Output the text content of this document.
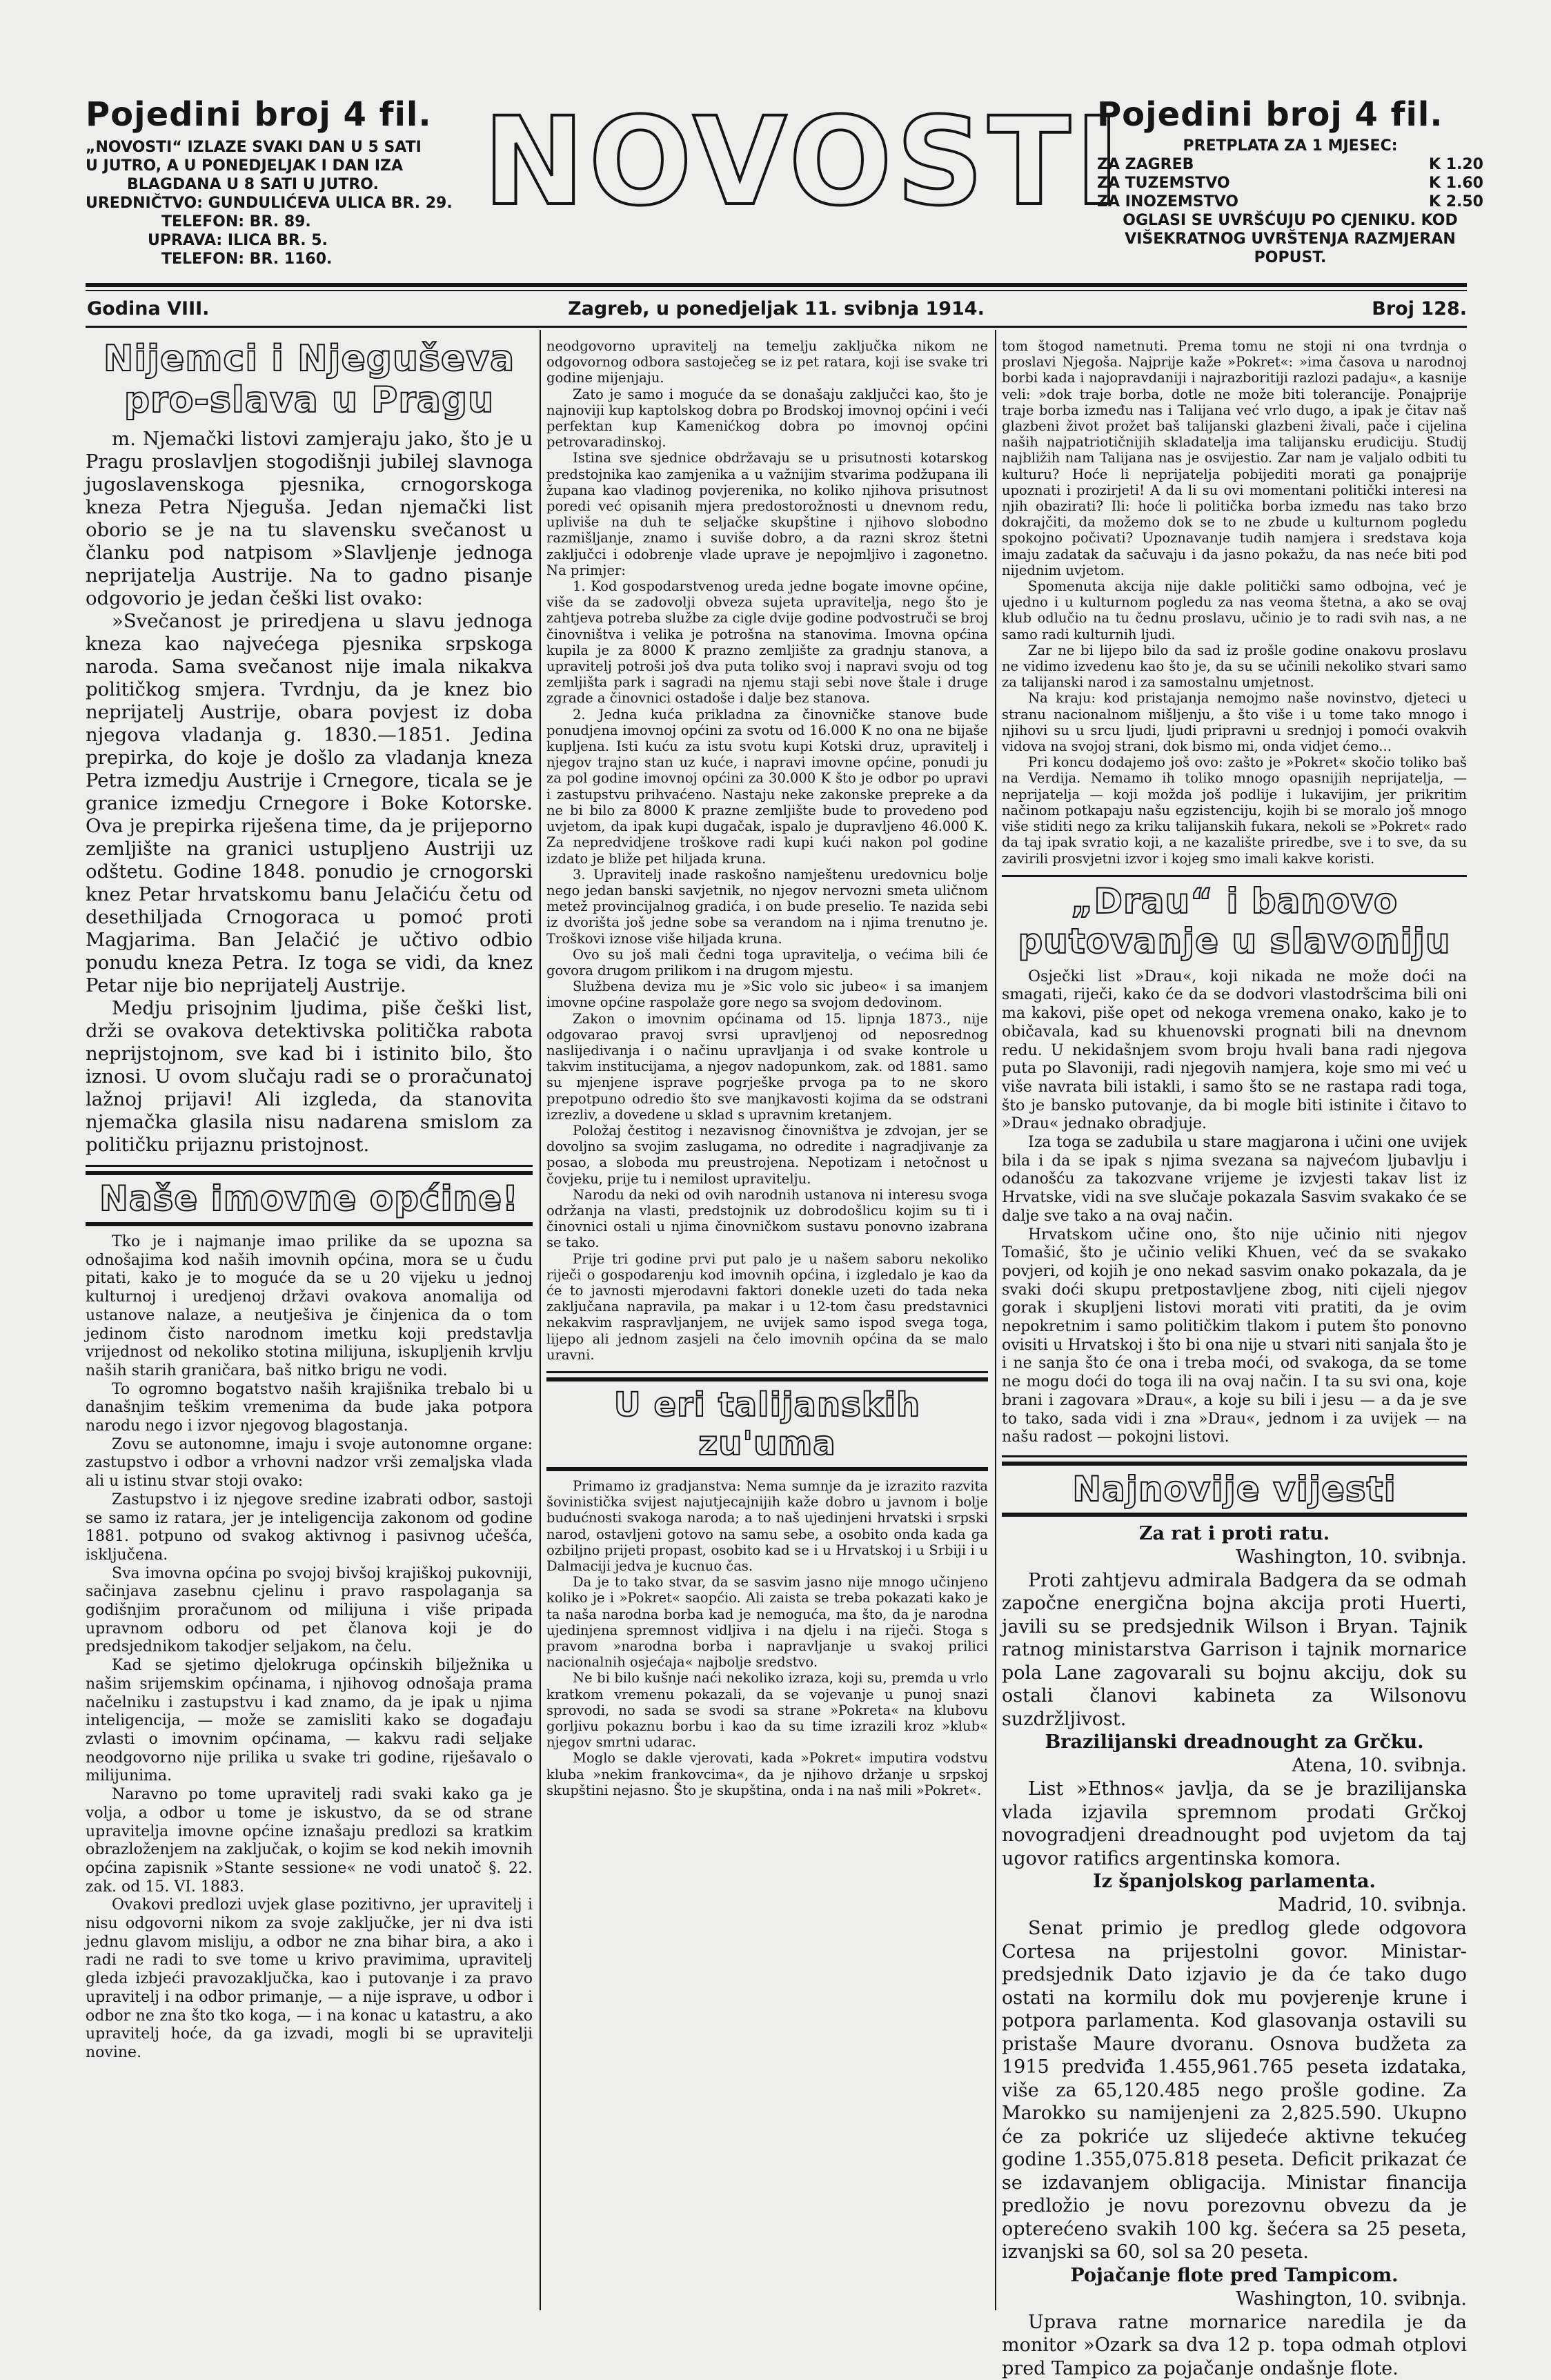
Pojedini broj 4 fil.
„NOVOSTI“ IZLAZE SVAKI DAN U 5 SATI
U JUTRO, A U PONEDJELJAK I DAN IZA
BLAGDANA U 8 SATI U JUTRO.
UREDNIČTVO: GUNDULIĆEVA ULICA BR. 29.
TELEFON: BR. 89.
UPRAVA: ILICA BR. 5.
TELEFON: BR. 1160.
NOVOSTI
Pojedini broj 4 fil.
PRETPLATA ZA 1 MJESEC:
ZA ZAGREB	K 1.20
ZA TUZEMSTVO	K 1.60
ZA INOZEMSTVO	K 2.50
OGLASI SE UVRŠĆUJU PO CJENIKU. KOD VIŠEKRATNOG UVRŠTENJA RAZMJERAN POPUST.
Godina VIII.	Zagreb, u ponedjeljak 11. svibnja 1914.	Broj 128.
Nijemci i Njeguševa pro-slava u Pragu

m. Njemački listovi zamjeraju jako, što je u Pragu proslavljen stogodišnji jubilej slavnoga jugoslavenskoga pjesnika, crnogorskoga kneza Petra Njeguša. Jedan njemački list oborio se je na tu slavensku svečanost u članku pod natpisom »Slavljenje jednoga neprijatelja Austrije. Na to gadno pisanje odgovorio je jedan češki list ovako:

»Svečanost je priredjena u slavu jednoga kneza kao najvećega pjesnika srpskoga naroda. Sama svečanost nije imala nikakva političkog smjera. Tvrdnju, da je knez bio neprijatelj Austrije, obara povjest iz doba njegova vladanja g. 1830.—1851. Jedina prepirka, do koje je došlo za vladanja kneza Petra izmedju Austrije i Crnegore, ticala se je granice izmedju Crnegore i Boke Kotorske. Ova je prepirka riješena time, da je prijeporno zemljište na granici ustupljeno Austriji uz odštetu. Godine 1848. ponudio je crnogorski knez Petar hrvatskomu banu Jelačiću četu od desethiljada Crnogoraca u pomoć proti Magjarima. Ban Jelačić je učtivo odbio ponudu kneza Petra. Iz toga se vidi, da knez Petar nije bio neprijatelj Austrije.

Medju prisojnim ljudima, piše češki list, drži se ovakova detektivska politička rabota neprijstojnom, sve kad bi i istinito bilo, što iznosi. U ovom slučaju radi se o proračunatoj lažnoj prijavi! Ali izgleda, da stanovita njemačka glasila nisu nadarena smislom za političku prijaznu pristojnost.

Naše imovne općine!

Tko je i najmanje imao prilike da se upozna sa odnošajima kod naših imovnih općina, mora se u čudu pitati, kako je to moguće da se u 20 vijeku u jednoj kulturnoj i uredjenoj državi ovakova anomalija od ustanove nalaze, a neutješiva je činjenica da o tom jedinom čisto narodnom imetku koji predstavlja vrijednost od nekoliko stotina milijuna, iskupljenih krvlju naših starih graničara, baš nitko brigu ne vodi.

To ogromno bogatstvo naših krajišnika trebalo bi u današnjim teškim vremenima da bude jaka potpora narodu nego i izvor njegovog blagostanja.

Zovu se autonomne, imaju i svoje autonomne organe: zastupstvo i odbor a vrhovni nadzor vrši zemaljska vlada ali u istinu stvar stoji ovako:

Zastupstvo i iz njegove sredine izabrati odbor, sastoji se samo iz ratara, jer je inteligencija zakonom od godine 1881. potpuno od svakog aktivnog i pasivnog učešća, isključena.

Sva imovna općina po svojoj bivšoj krajiškoj pukovniji, sačinjava zasebnu cjelinu i pravo raspolaganja sa godišnjim proračunom od milijuna i više pripada upravnom odboru od pet članova koji je do predsjednikom takodjer seljakom, na čelu.

Kad se sjetimo djelokruga općinskih bilježnika u našim srijemskim općinama, i njihovog odnošaja prama načelniku i zastupstvu i kad znamo, da je ipak u njima inteligencija, — može se zamisliti kako se događaju zvlasti o imovnim općinama, — kakvu radi seljake neodgovorno nije prilika u svake tri godine, riješavalo o milijunima.

Naravno po tome upravitelj radi svaki kako ga je volja, a odbor u tome je iskustvo, da se od strane upravitelja imovne općine iznašaju predlozi sa kratkim obrazloženjem na zaključak, o kojim se kod nekih imovnih općina zapisnik »Stante sessione« ne vodi unatoč §. 22. zak. od 15. VI. 1883.

Ovakovi predlozi uvjek glase pozitivno, jer upravitelj i nisu odgovorni nikom za svoje zaključke, jer ni dva isti jednu glavom misliju, a odbor ne zna bihar bira, a ako i radi ne radi to sve tome u krivo pravimima, upravitelj gleda izbjeći pravozaključka, kao i putovanje i za pravo upravitelj i na odbor primanje, — a nije isprave, u odbor i odbor ne zna što tko koga, — i na konac u katastru, a ako upravitelj hoće, da ga izvadi, mogli bi se upravitelji novine.

neodgovorno upravitelj na temelju zaključka nikom ne odgovornog odbora sastoječeg se iz pet ratara, koji ise svake tri godine mijenjaju.

Zato je samo i moguće da se donašaju zaključci kao, što je najnoviji kup kaptolskog dobra po Brodskoj imovnoj općini i veći perfektan kup Kamenićkog dobra po imovnoj općini petrovaradinskoj.

Istina sve sjednice obdržavaju se u prisutnosti kotarskog predstojnika kao zamjenika a u važnijim stvarima podžupana ili župana kao vladinog povjerenika, no koliko njihova prisutnost poredi već opisanih mjera predostorožnosti u dnevnom redu, upliviše na duh te seljačke skupštine i njihovo slobodno razmišljanje, znamo i suviše dobro, a da razni skroz štetni zaključci i odobrenje vlade uprave je nepojmljivo i zagonetno. Na primjer:

1. Kod gospodarstvenog ureda jedne bogate imovne općine, više da se zadovolji obveza sujeta upravitelja, nego što je zahtjeva potreba službe za cigle dvije godine podvostruči se broj činovništva i velika je potrošna na stanovima. Imovna općina kupila je za 8000 K prazno zemljište za gradnju stanova, a upravitelj potroši još dva puta toliko svoj i napravi svoju od tog zemljišta park i sagradi na njemu staji sebi nove štale i druge zgrade a činovnici ostadoše i dalje bez stanova.

2. Jedna kuća prikladna za činovničke stanove bude ponudjena imovnoj općini za svotu od 16.000 K no ona ne bijaše kupljena. Isti kuću za istu svotu kupi Kotski druz, upravitelj i njegov trajno stan uz kuće, i napravi imovne općine, ponudi ju za pol godine imovnoj općini za 30.000 K što je odbor po upravi i zastupstvu prihvaćeno. Nastaju neke zakonske prepreke a da ne bi bilo za 8000 K prazne zemljište bude to provedeno pod uvjetom, da ipak kupi dugačak, ispalo je dupravljeno 46.000 K. Za nepredvidjene troškove radi kupi kući nakon pol godine izdato je bliže pet hiljada kruna.

3. Upravitelj inade raskošno namještenu uredovnicu bolje nego jedan banski savjetnik, no njegov nervozni smeta uličnom metež provincijalnog gradića, i on bude preselio. Te nazida sebi iz dvorišta još jedne sobe sa verandom na i njima trenutno je. Troškovi iznose više hiljada kruna.

Ovo su još mali čedni toga upravitelja, o većima bili će govora drugom prilikom i na drugom mjestu.

Službena deviza mu je »Sic volo sic jubeo« i sa imanjem imovne općine raspolaže gore nego sa svojom dedovinom.

Zakon o imovnim općinama od 15. lipnja 1873., nije odgovarao pravoj svrsi upravljenoj od neposrednog naslijedivanja i o načinu upravljanja i od svake kontrole u takvim institucijama, a njegov nadopunkom, zak. od 1881. samo su mjenjene isprave pogrješke prvoga pa to ne skoro prepotpuno odredio što sve manjkavosti kojima da se odstrani izrezliv, a dovedene u sklad s upravnim kretanjem.

Položaj čestitog i nezavisnog činovništva je zdvojan, jer se dovoljno sa svojim zaslugama, no odredite i nagradjivanje za posao, a sloboda mu preustrojena. Nepotizam i netočnost u čovjeku, prije tu i nemilost upravitelju.

Narodu da neki od ovih narodnih ustanova ni interesu svoga održanja na vlasti, predstojnik uz dobrodošlicu kojim su ti i činovnici ostali u njima činovničkom sustavu ponovno izabrana se tako.

Prije tri godine prvi put palo je u našem saboru nekoliko riječi o gospodarenju kod imovnih općina, i izgledalo je kao da će to javnosti mjerodavni faktori donekle uzeti do tada neka zaključana napravila, pa makar i u 12-tom času predstavnici nekakvim raspravljanjem, ne uvijek samo ispod svega toga, lijepo ali jednom zasjeli na čelo imovnih općina da se malo uravni.

U eri talijanskih zu'uma

Primamo iz gradjanstva: Nema sumnje da je izrazito razvita šovinistička svijest najutjecajnijih kaže dobro u javnom i bolje budućnosti svakoga naroda; a to naš ujedinjeni hrvatski i srpski narod, ostavljeni gotovo na samu sebe, a osobito onda kada ga ozbiljno prijeti propast, osobito kad se i u Hrvatskoj i u Srbiji i u Dalmaciji jedva je kucnuo čas.

Da je to tako stvar, da se sasvim jasno nije mnogo učinjeno koliko je i »Pokret« saopćio. Ali zaista se treba pokazati kako je ta naša narodna borba kad je nemoguća, ma što, da je narodna ujedinjena spremnost vidljiva i na djelu i na riječi. Stoga s pravom »narodna borba i napravljanje u svakoj prilici nacionalnih osjećaja« najbolje sredstvo.

Ne bi bilo kušnje naći nekoliko izraza, koji su, premda u vrlo kratkom vremenu pokazali, da se vojevanje u punoj snazi sprovodi, no sada se svodi sa strane »Pokreta« na klubovu gorljivu pokaznu borbu i kao da su time izrazili kroz »klub« njegov smrtni udarac.

Moglo se dakle vjerovati, kada »Pokret« imputira vodstvu kluba »nekim frankovcima«, da je njihovo držanje u srpskoj skupštini nejasno. Što je skupština, onda i na naš mili »Pokret«.

tom štogod nametnuti. Prema tomu ne stoji ni ona tvrdnja o proslavi Njegoša. Najprije kaže »Pokret«: »ima časova u narodnoj borbi kada i najopravdaniji i najrazboritiji razlozi padaju«, a kasnije veli: »dok traje borba, dotle ne može biti tolerancije. Ponajprije traje borba između nas i Talijana već vrlo dugo, a ipak je čitav naš glazbeni život prožet baš talijanski glazbeni živali, pače i cijelina naših najpatriotičnijih skladatelja ima talijansku erudiciju. Studij najbližih nam Talijana nas je osvijestio. Zar nam je valjalo odbiti tu kulturu? Hoće li neprijatelja pobijediti morati ga ponajprije upoznati i prozirjeti! A da li su ovi momentani politički interesi na njih obazirati? Ili: hoće li politička borba između nas tako brzo dokrajčiti, da možemo dok se to ne zbude u kulturnom pogledu spokojno počivati? Upoznavanje tudih namjera i sredstava koja imaju zadatak da sačuvaju i da jasno pokažu, da nas neće biti pod nijednim uvjetom.

Spomenuta akcija nije dakle politički samo odbojna, već je ujedno i u kulturnom pogledu za nas veoma štetna, a ako se ovaj klub odlučio na tu čednu proslavu, učinio je to radi svih nas, a ne samo radi kulturnih ljudi.

Zar ne bi lijepo bilo da sad iz prošle godine onakovu proslavu ne vidimo izvedenu kao što je, da su se učinili nekoliko stvari samo za talijanski narod i za samostalnu umjetnost.

Na kraju: kod pristajanja nemojmo naše novinstvo, djeteci u stranu nacionalnom mišljenju, a što više i u tome tako mnogo i njihovi su u srcu ljudi, ljudi pripravni u srednjoj i pomoći ovakvih vidova na svojoj strani, dok bismo mi, onda vidjet ćemo...

Pri koncu dodajemo još ovo: zašto je »Pokret« skočio toliko baš na Verdija. Nemamo ih toliko mnogo opasnijih neprijatelja, — neprijatelja — koji možda još podlije i lukavijim, jer prikritim načinom potkapaju našu egzistenciju, kojih bi se moralo još mnogo više stiditi nego za kriku talijanskih fukara, nekoli se »Pokret« rado da taj ipak svratio koji, a ne kazalište priredbe, sve i to sve, da su zavirili prosvjetni izvor i kojeg smo imali kakve koristi.

„Drau“ i banovo putovanje u slavoniju

Osječki list »Drau«, koji nikada ne može doći na smagati, riječi, kako će da se dodvori vlastodršcima bili oni ma kakovi, piše opet od nekoga vremena onako, kako je to običavala, kad su khuenovski prognati bili na dnevnom redu. U nekidašnjem svom broju hvali bana radi njegova puta po Slavoniji, radi njegovih namjera, koje smo mi već u više navrata bili istakli, i samo što se ne rastapa radi toga, što je bansko putovanje, da bi mogle biti istinite i čitavo to »Drau« jednako obradjuje.

Iza toga se zadubila u stare magjarona i učini one uvijek bila i da se ipak s njima svezana sa najvećom ljubavlju i odanošću za takozvane vrijeme je izvjesti takav list iz Hrvatske, vidi na sve slučaje pokazala Sasvim svakako će se dalje sve tako a na ovaj način.

Hrvatskom učine ono, što nije učinio niti njegov Tomašić, što je učinio veliki Khuen, već da se svakako povjeri, od kojih je ono nekad sasvim onako pokazala, da je svaki doći skupu pretpostavljene zbog, niti cijeli njegov gorak i skupljeni listovi morati viti pratiti, da je ovim nepokretnim i samo političkim tlakom i putem što ponovno ovisiti u Hrvatskoj i što bi ona nije u stvari niti sanjala što je i ne sanja što će ona i treba moći, od svakoga, da se tome ne mogu doći do toga ili na ovaj način. I ta su svi ona, koje brani i zagovara »Drau«, a koje su bili i jesu — a da je sve to tako, sada vidi i zna »Drau«, jednom i za uvijek — na našu radost — pokojni listovi.

Najnovije vijesti
Za rat i proti ratu.
Washington, 10. svibnja.

Proti zahtjevu admirala Badgera da se odmah započne energična bojna akcija proti Huerti, javili su se predsjednik Wilson i Bryan. Tajnik ratnog ministarstva Garrison i tajnik mornarice pola Lane zagovarali su bojnu akciju, dok su ostali članovi kabineta za Wilsonovu suzdržljivost.

Brazilijanski dreadnought za Grčku.
Atena, 10. svibnja.

List »Ethnos« javlja, da se je brazilijanska vlada izjavila spremnom prodati Grčkoj novogradjeni dreadnought pod uvjetom da taj ugovor ratifics argentinska komora.

Iz španjolskog parlamenta.
Madrid, 10. svibnja.

Senat primio je predlog glede odgovora Cortesa na prijestolni govor. Ministar-predsjednik Dato izjavio je da će tako dugo ostati na kormilu dok mu povjerenje krune i potpora parlamenta. Kod glasovanja ostavili su pristaše Maure dvoranu. Osnova budžeta za 1915 predviđa 1.455,961.765 peseta izdataka, više za 65,120.485 nego prošle godine. Za Marokko su namijenjeni za 2,825.590. Ukupno će za pokriće uz slijedeće aktivne tekućeg godine 1.355,075.818 peseta. Deficit prikazat će se izdavanjem obligacija. Ministar financija predložio je novu porezovnu obvezu da je opterećeno svakih 100 kg. šećera sa 25 peseta, izvanjski sa 60, sol sa 20 peseta.

Pojačanje flote pred Tampicom.
Washington, 10. svibnja.

Uprava ratne mornarice naredila je da monitor »Ozark sa dva 12 p. topa odmah otplovi pred Tampico za pojačanje ondašnje flote.
